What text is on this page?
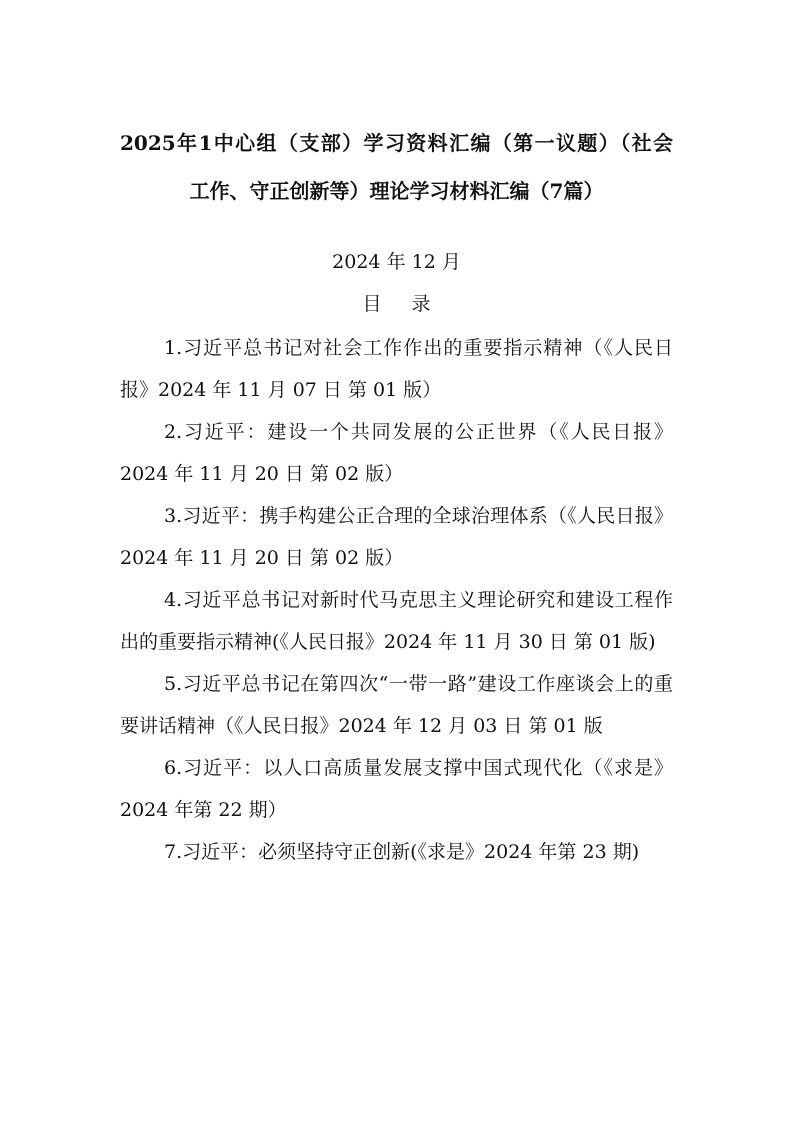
2025年1中心组（支部）学习资料汇编（第一议题）（社会
工作、守正创新等）理论学习材料汇编（7篇）
2024 年 12 月
目录
1.习近平总书记对社会工作作出的重要指示精神（《人民日报》2024 年 11 月 07 日 第 01 版）
2.习近平：建设一个共同发展的公正世界（《人民日报》2024 年 11 月 20 日 第 02 版）
3.习近平：携手构建公正合理的全球治理体系（《人民日报》2024 年 11 月 20 日 第 02 版）
4.习近平总书记对新时代马克思主义理论研究和建设工程作出的重要指示精神(《人民日报》2024 年 11 月 30 日 第 01 版)
5.习近平总书记在第四次“一带一路”建设工作座谈会上的重要讲话精神（《人民日报》2024 年 12 月 03 日 第 01 版
6.习近平：以人口高质量发展支撑中国式现代化（《求是》2024 年第 22 期）
7.习近平：必须坚持守正创新(《求是》2024 年第 23 期)
